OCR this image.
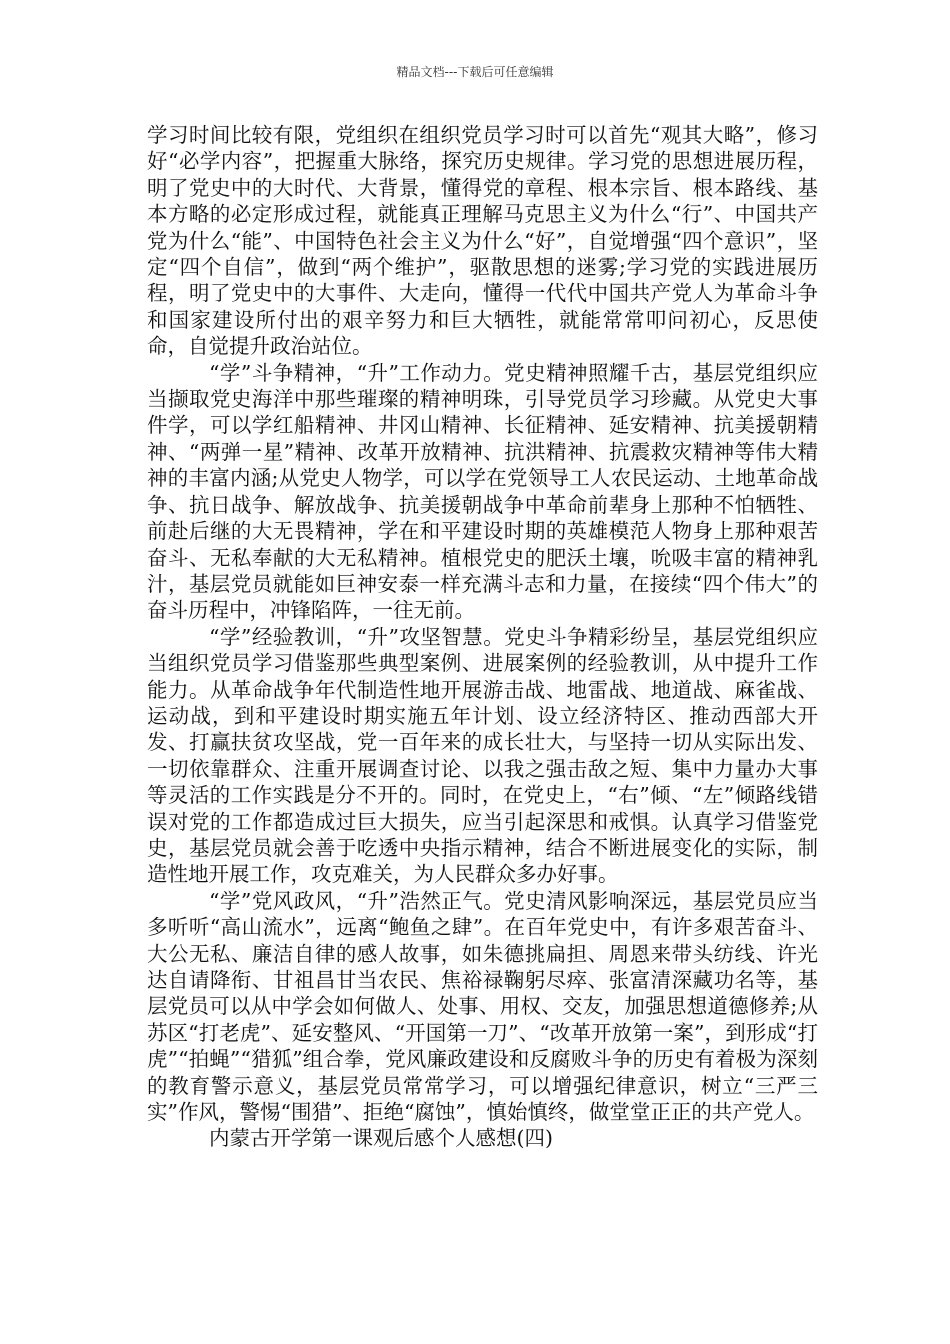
精品文档---下载后可任意编辑

学习时间比较有限，党组织在组织党员学习时可以首先“观其大略”，修习好“必学内容”，把握重大脉络，探究历史规律。学习党的思想进展历程，明了党史中的大时代、大背景，懂得党的章程、根本宗旨、根本路线、基本方略的必定形成过程，就能真正理解马克思主义为什么“行”、中国共产党为什么“能”、中国特色社会主义为什么“好”，自觉增强“四个意识”，坚定“四个自信”，做到“两个维护”，驱散思想的迷雾;学习党的实践进展历程，明了党史中的大事件、大走向，懂得一代代中国共产党人为革命斗争和国家建设所付出的艰辛努力和巨大牺牲，就能常常叩问初心，反思使命，自觉提升政治站位。

“学”斗争精神，“升”工作动力。党史精神照耀千古，基层党组织应当撷取党史海洋中那些璀璨的精神明珠，引导党员学习珍藏。从党史大事件学，可以学红船精神、井冈山精神、长征精神、延安精神、抗美援朝精神、“两弹一星”精神、改革开放精神、抗洪精神、抗震救灾精神等伟大精神的丰富内涵;从党史人物学，可以学在党领导工人农民运动、土地革命战争、抗日战争、解放战争、抗美援朝战争中革命前辈身上那种不怕牺牲、前赴后继的大无畏精神，学在和平建设时期的英雄模范人物身上那种艰苦奋斗、无私奉献的大无私精神。植根党史的肥沃土壤，吮吸丰富的精神乳汁，基层党员就能如巨神安泰一样充满斗志和力量，在接续“四个伟大”的奋斗历程中，冲锋陷阵，一往无前。

“学”经验教训，“升”攻坚智慧。党史斗争精彩纷呈，基层党组织应当组织党员学习借鉴那些典型案例、进展案例的经验教训，从中提升工作能力。从革命战争年代制造性地开展游击战、地雷战、地道战、麻雀战、运动战，到和平建设时期实施五年计划、设立经济特区、推动西部大开发、打赢扶贫攻坚战，党一百年来的成长壮大，与坚持一切从实际出发、一切依靠群众、注重开展调查讨论、以我之强击敌之短、集中力量办大事等灵活的工作实践是分不开的。同时，在党史上，“右”倾、“左”倾路线错误对党的工作都造成过巨大损失，应当引起深思和戒惧。认真学习借鉴党史，基层党员就会善于吃透中央指示精神，结合不断进展变化的实际，制造性地开展工作，攻克难关，为人民群众多办好事。

“学”党风政风，“升”浩然正气。党史清风影响深远，基层党员应当多听听“高山流水”，远离“鲍鱼之肆”。在百年党史中，有许多艰苦奋斗、大公无私、廉洁自律的感人故事，如朱德挑扁担、周恩来带头纺线、许光达自请降衔、甘祖昌甘当农民、焦裕禄鞠躬尽瘁、张富清深藏功名等，基层党员可以从中学会如何做人、处事、用权、交友，加强思想道德修养;从苏区“打老虎”、延安整风、“开国第一刀”、“改革开放第一案”，到形成“打虎”“拍蝇”“猎狐”组合拳，党风廉政建设和反腐败斗争的历史有着极为深刻的教育警示意义，基层党员常常学习，可以增强纪律意识，树立“三严三实”作风，警惕“围猎”、拒绝“腐蚀”，慎始慎终，做堂堂正正的共产党人。

内蒙古开学第一课观后感个人感想(四)
